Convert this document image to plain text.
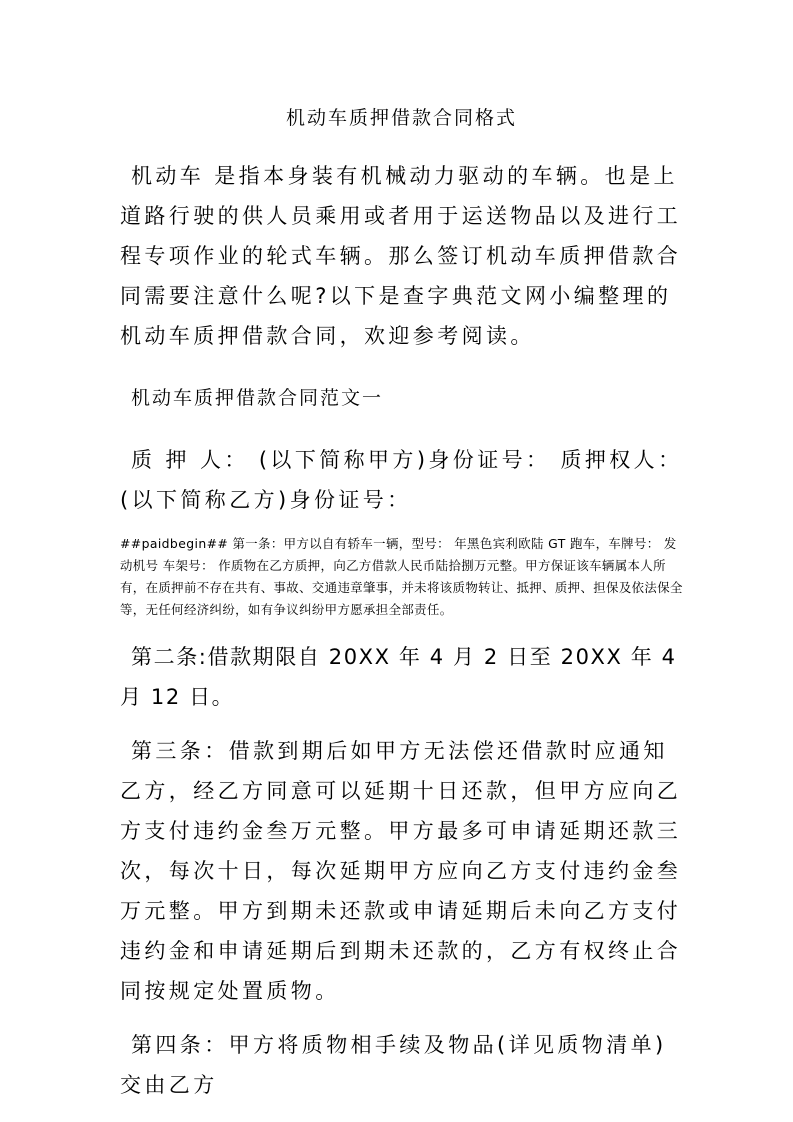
机动车质押借款合同格式

机动车 是指本身装有机械动力驱动的车辆。也是上道路行驶的供人员乘用或者用于运送物品以及进行工程专项作业的轮式车辆。那么签订机动车质押借款合同需要注意什么呢?以下是查字典范文网小编整理的机动车质押借款合同，欢迎参考阅读。

机动车质押借款合同范文一

质 押 人： (以下简称甲方)身份证号： 质押权人： (以下简称乙方)身份证号：

##paidbegin## 第一条：甲方以自有轿车一辆，型号： 年黑色宾利欧陆 GT 跑车，车牌号： 发动机号 车架号： 作质物在乙方质押，向乙方借款人民币陆拾捌万元整。甲方保证该车辆属本人所有，在质押前不存在共有、事故、交通违章肇事，并未将该质物转让、抵押、质押、担保及依法保全等，无任何经济纠纷，如有争议纠纷甲方愿承担全部责任。

第二条:借款期限自 20XX 年 4 月 2 日至 20XX 年 4 月 12 日。

第三条：借款到期后如甲方无法偿还借款时应通知乙方，经乙方同意可以延期十日还款，但甲方应向乙方支付违约金叁万元整。甲方最多可申请延期还款三次，每次十日，每次延期甲方应向乙方支付违约金叁万元整。甲方到期未还款或申请延期后未向乙方支付违约金和申请延期后到期未还款的，乙方有权终止合同按规定处置质物。

第四条：甲方将质物相手续及物品(详见质物清单)交由乙方
